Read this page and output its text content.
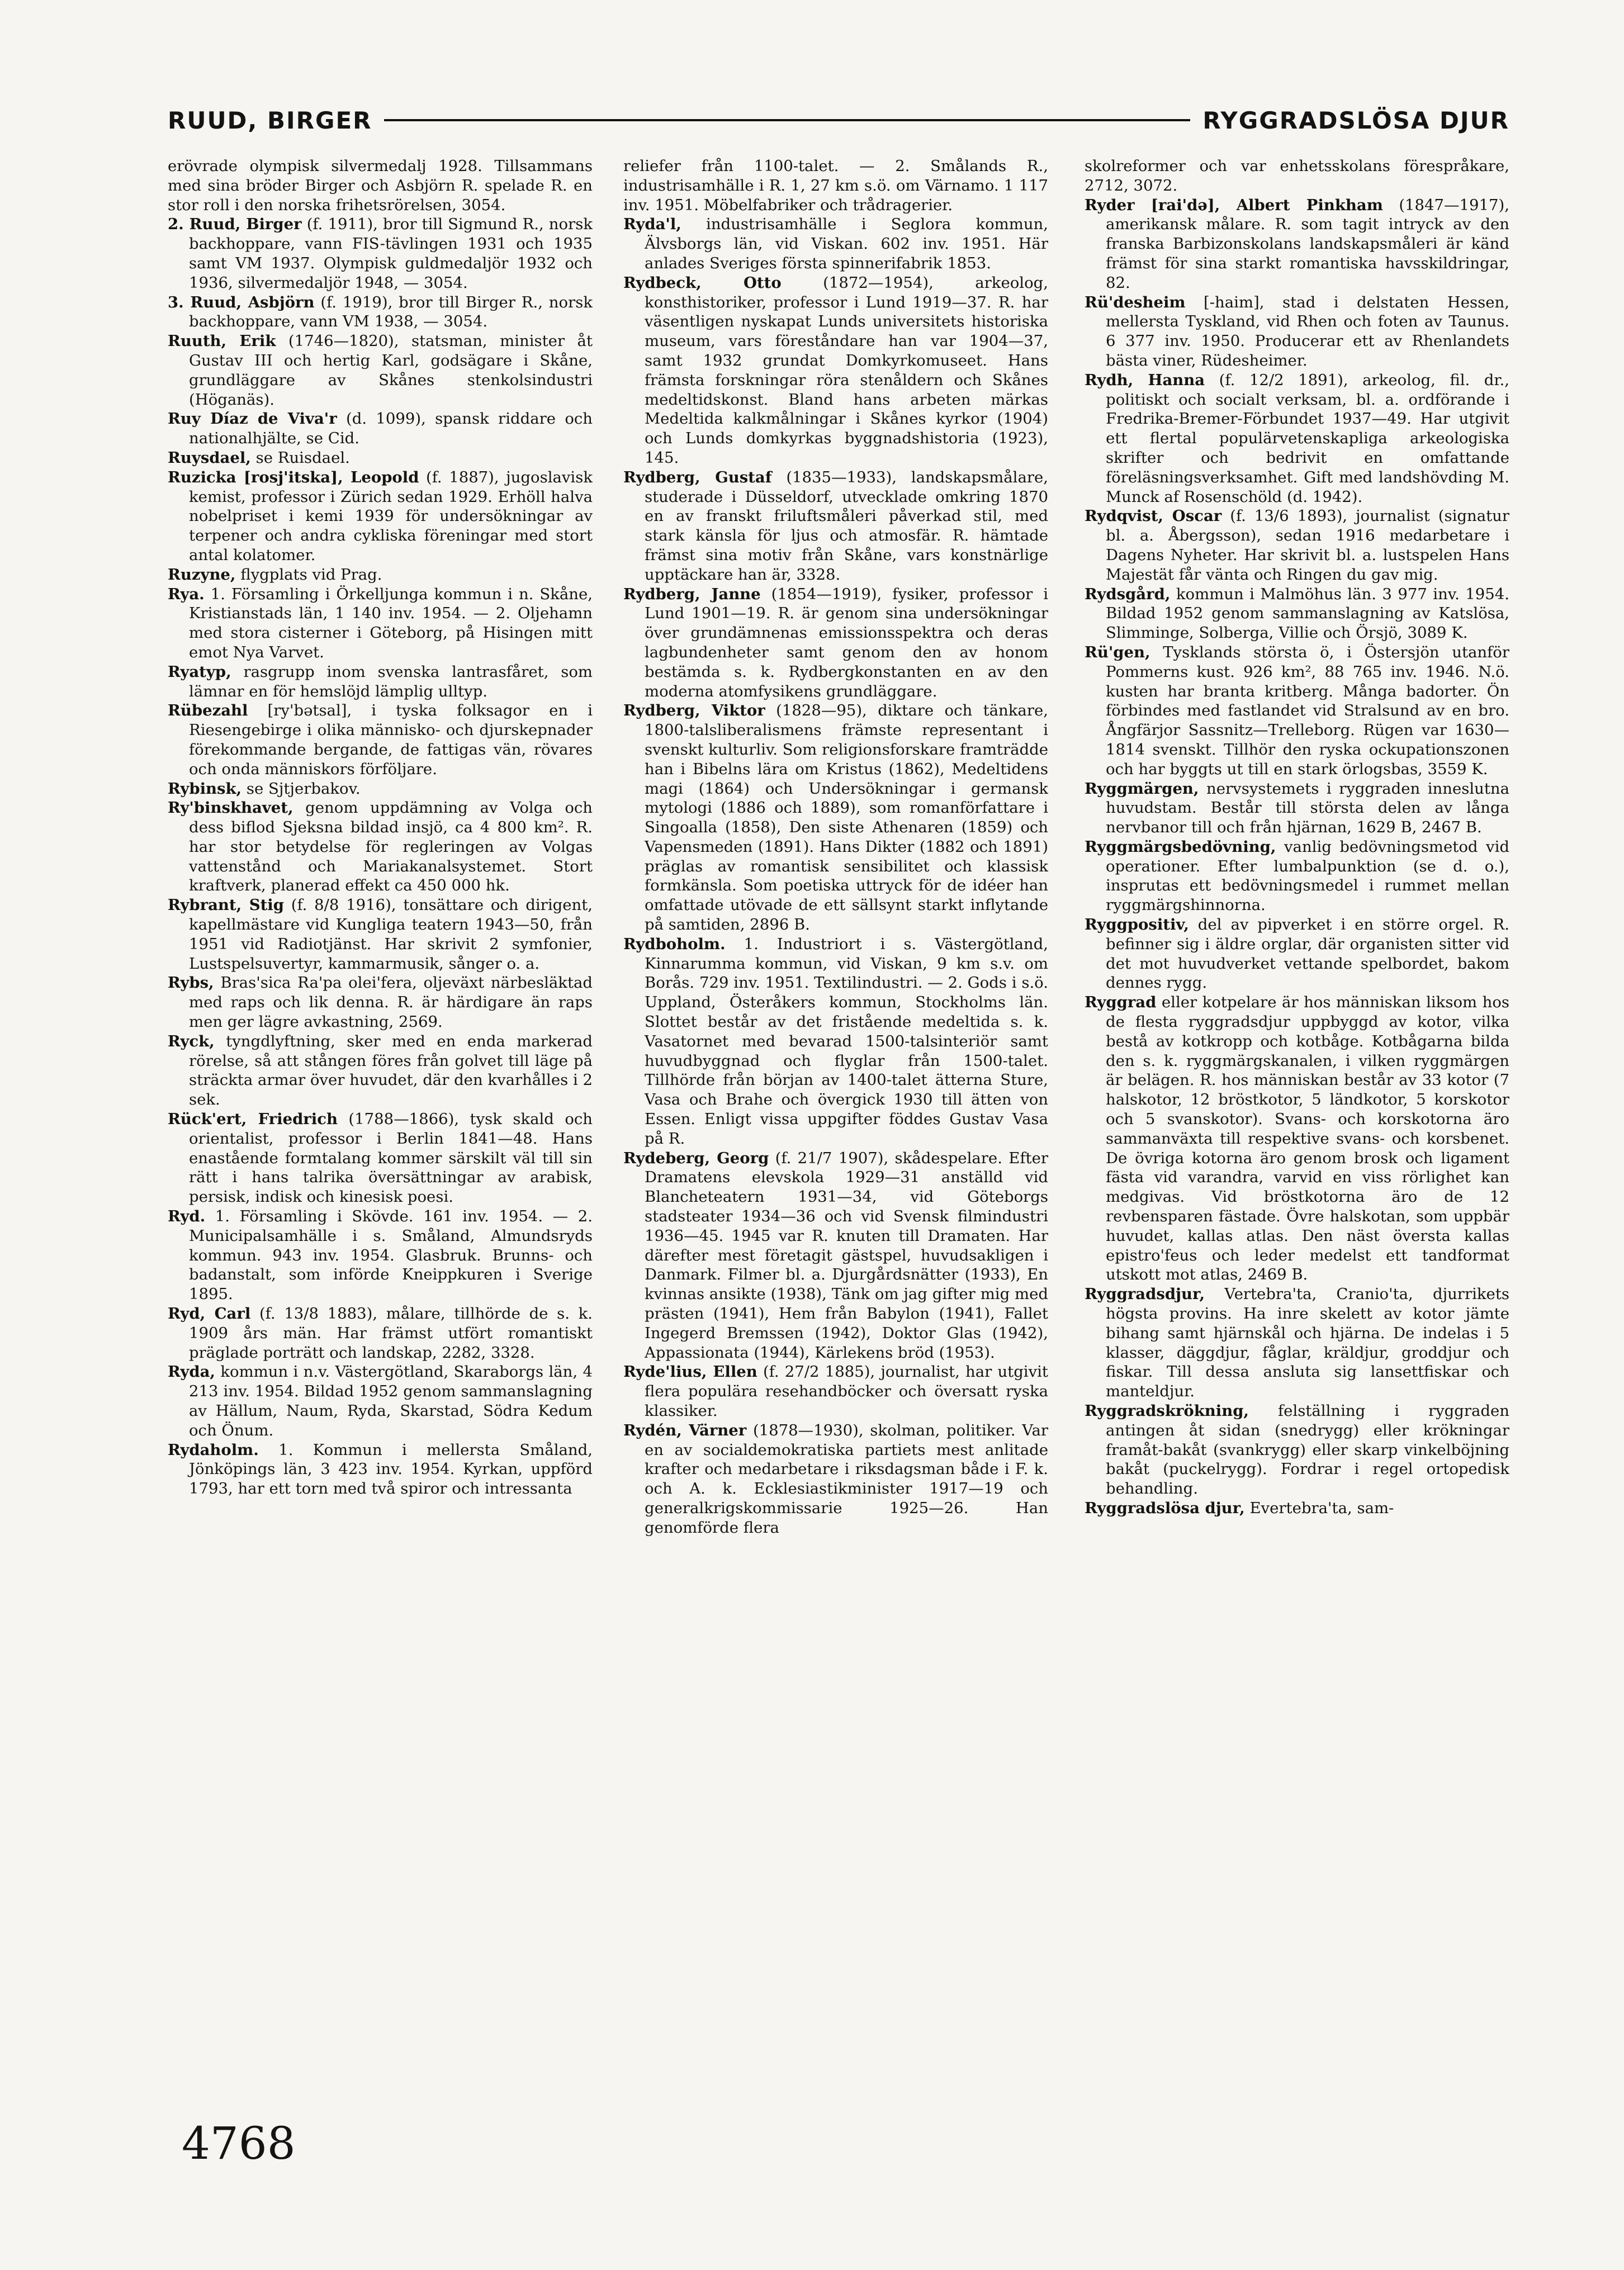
RUUD, BIRGER	RYGGRADSLÖSA DJUR

erövrade olympisk silvermedalj 1928. Tillsammans med sina bröder Birger och Asbjörn R. spelade R. en stor roll i den norska frihetsrörelsen, 3054.

2. Ruud, Birger (f. 1911), bror till Sigmund R., norsk backhoppare, vann FIS-tävlingen 1931 och 1935 samt VM 1937. Olympisk guldmedaljör 1932 och 1936, silvermedaljör 1948, — 3054.

3. Ruud, Asbjörn (f. 1919), bror till Birger R., norsk backhoppare, vann VM 1938, — 3054.

Ruuth, Erik (1746—1820), statsman, minister åt Gustav III och hertig Karl, godsägare i Skåne, grundläggare av Skånes stenkolsindustri (Höganäs).

Ruy Díaz de Viva'r (d. 1099), spansk riddare och nationalhjälte, se Cid.

Ruysdael, se Ruisdael.

Ruzicka [rosj'itska], Leopold (f. 1887), jugoslavisk kemist, professor i Zürich sedan 1929. Erhöll halva nobelpriset i kemi 1939 för undersökningar av terpener och andra cykliska föreningar med stort antal kolatomer.

Ruzyne, flygplats vid Prag.

Rya. 1. Församling i Örkelljunga kommun i n. Skåne, Kristianstads län, 1 140 inv. 1954. — 2. Oljehamn med stora cisterner i Göteborg, på Hisingen mitt emot Nya Varvet.

Ryatyp, rasgrupp inom svenska lantrasfåret, som lämnar en för hemslöjd lämplig ulltyp.

Rübezahl [ry'bətsal], i tyska folksagor en i Riesengebirge i olika människo- och djurskepnader förekommande bergande, de fattigas vän, rövares och onda människors förföljare.

Rybinsk, se Sjtjerbakov.

Ry'binskhavet, genom uppdämning av Volga och dess biflod Sjeksna bildad insjö, ca 4 800 km². R. har stor betydelse för regleringen av Volgas vattenstånd och Mariakanalsystemet. Stort kraftverk, planerad effekt ca 450 000 hk.

Rybrant, Stig (f. 8/8 1916), tonsättare och dirigent, kapellmästare vid Kungliga teatern 1943—50, från 1951 vid Radiotjänst. Har skrivit 2 symfonier, Lustspelsuvertyr, kammarmusik, sånger o. a.

Rybs, Bras'sica Ra'pa olei'fera, oljeväxt närbesläktad med raps och lik denna. R. är härdigare än raps men ger lägre avkastning, 2569.

Ryck, tyngdlyftning, sker med en enda markerad rörelse, så att stången föres från golvet till läge på sträckta armar över huvudet, där den kvarhålles i 2 sek.

Rück'ert, Friedrich (1788—1866), tysk skald och orientalist, professor i Berlin 1841—48. Hans enastående formtalang kommer särskilt väl till sin rätt i hans talrika översättningar av arabisk, persisk, indisk och kinesisk poesi.

Ryd. 1. Församling i Skövde. 161 inv. 1954. — 2. Municipalsamhälle i s. Småland, Almundsryds kommun. 943 inv. 1954. Glasbruk. Brunns- och badanstalt, som införde Kneippkuren i Sverige 1895.

Ryd, Carl (f. 13/8 1883), målare, tillhörde de s. k. 1909 års män. Har främst utfört romantiskt präglade porträtt och landskap, 2282, 3328.

Ryda, kommun i n.v. Västergötland, Skaraborgs län, 4 213 inv. 1954. Bildad 1952 genom sammanslagning av Hällum, Naum, Ryda, Skarstad, Södra Kedum och Önum.

Rydaholm. 1. Kommun i mellersta Småland, Jönköpings län, 3 423 inv. 1954. Kyrkan, uppförd 1793, har ett torn med två spiror och intressanta

reliefer från 1100-talet. — 2. Smålands R., industrisamhälle i R. 1, 27 km s.ö. om Värnamo. 1 117 inv. 1951. Möbelfabriker och trådragerier.

Ryda'l, industrisamhälle i Seglora kommun, Älvsborgs län, vid Viskan. 602 inv. 1951. Här anlades Sveriges första spinnerifabrik 1853.

Rydbeck, Otto	(1872—1954), arkeolog, konsthistoriker, professor i Lund 1919—37. R. har väsentligen nyskapat Lunds universitets historiska museum, vars föreståndare han var 1904—37, samt 1932 grundat Domkyrkomuseet. Hans främsta forskningar röra stenåldern och Skånes medeltidskonst. Bland hans arbeten märkas Medeltida kalkmålningar i Skånes kyrkor (1904) och Lunds domkyrkas byggnadshistoria (1923), 145.

Rydberg, Gustaf (1835—1933), landskapsmålare, studerade i Düsseldorf, utvecklade omkring 1870 en av franskt friluftsmåleri påverkad stil, med stark känsla för ljus och atmosfär. R. hämtade främst sina motiv från Skåne, vars konstnärlige upptäckare han är, 3328.

Rydberg, Janne (1854—1919), fysiker, professor i Lund 1901—19. R. är genom sina undersökningar över grundämnenas emissionsspektra och deras lagbundenheter samt genom den av honom bestämda s. k. Rydbergkonstanten en av den moderna atomfysikens grundläggare.

Rydberg, Viktor (1828—95), diktare och tänkare, 1800-talsliberalismens främste representant i svenskt kulturliv. Som religionsforskare framträdde han i Bibelns lära om Kristus (1862), Medeltidens magi (1864) och Undersökningar i germansk mytologi (1886 och 1889), som romanförfattare i Singoalla (1858), Den siste Athenaren (1859) och Vapensmeden (1891). Hans Dikter (1882 och 1891) präglas av romantisk sensibilitet och klassisk formkänsla. Som poetiska uttryck för de idéer han omfattade utövade de ett sällsynt starkt inflytande på samtiden, 2896 B.

Rydboholm. 1. Industriort i s. Västergötland, Kinnarumma kommun, vid Viskan, 9 km s.v. om Borås. 729 inv. 1951. Textilindustri. — 2. Gods i s.ö. Uppland, Österåkers kommun, Stockholms län. Slottet består av det fristående medeltida s. k. Vasatornet med bevarad 1500-talsinteriör samt huvudbyggnad och flyglar från 1500-talet. Tillhörde från början av 1400-talet ätterna Sture, Vasa och Brahe och övergick 1930 till ätten von Essen. Enligt vissa uppgifter föddes Gustav Vasa på R.

Rydeberg, Georg (f. 21/7 1907), skådespelare. Efter Dramatens elevskola 1929—31 anställd vid Blancheteatern 1931—34, vid Göteborgs stadsteater 1934—36 och vid Svensk filmindustri 1936—45. 1945 var R. knuten till Dramaten. Har därefter mest företagit gästspel, huvudsakligen i Danmark. Filmer bl. a. Djurgårdsnätter (1933), En kvinnas ansikte (1938), Tänk om jag gifter mig med prästen (1941), Hem från Babylon (1941), Fallet Ingegerd Bremssen (1942), Doktor Glas (1942), Appassionata (1944), Kärlekens bröd (1953).

Ryde'lius, Ellen (f. 27/2 1885), journalist, har utgivit flera populära resehandböcker och översatt ryska klassiker.

Rydén, Värner (1878—1930), skolman, politiker. Var en av socialdemokratiska partiets mest anlitade krafter och medarbetare i riksdagsman både i F. k. och A. k. Ecklesiastikminister 1917—19 och generalkrigskommissarie 1925—26. Han genomförde flera

skolreformer och var enhetsskolans förespråkare, 2712, 3072.

Ryder [rai'də], Albert Pinkham (1847—1917), amerikansk målare. R. som tagit intryck av den franska Barbizonskolans landskapsmåleri är känd främst för sina starkt romantiska havsskildringar, 82.

Rü'desheim [-haim], stad i delstaten Hessen, mellersta Tyskland, vid Rhen och foten av Taunus. 6 377 inv. 1950. Producerar ett av Rhenlandets bästa viner, Rüdesheimer.

Rydh, Hanna (f. 12/2 1891), arkeolog, fil. dr., politiskt och socialt verksam, bl. a. ordförande i Fredrika-Bremer-Förbundet 1937—49. Har utgivit ett flertal populärvetenskapliga arkeologiska skrifter och bedrivit en omfattande föreläsningsverksamhet. Gift med landshövding M. Munck af Rosenschöld (d. 1942).

Rydqvist, Oscar (f. 13/6 1893), journalist (signatur bl. a. Åbergsson), sedan 1916 medarbetare i Dagens Nyheter. Har skrivit bl. a. lustspelen Hans Majestät får vänta och Ringen du gav mig.

Rydsgård, kommun i Malmöhus län. 3 977 inv. 1954. Bildad 1952 genom sammanslagning av Katslösa, Slimminge, Solberga, Villie och Örsjö, 3089 K.

Rü'gen, Tysklands största ö, i Östersjön utanför Pommerns kust. 926 km², 88 765 inv. 1946. N.ö. kusten har branta kritberg. Många badorter. Ön förbindes med fastlandet vid Stralsund av en bro. Ångfärjor Sassnitz—Trelleborg. Rügen var 1630—1814 svenskt. Tillhör den ryska ockupationszonen och har byggts ut till en stark örlogsbas, 3559 K.

Ryggmärgen, nervsystemets i ryggraden inneslutna huvudstam. Består till största delen av långa nervbanor till och från hjärnan, 1629 B, 2467 B.

Ryggmärgsbedövning, vanlig bedövningsmetod vid operationer. Efter lumbalpunktion (se d. o.), insprutas ett bedövningsmedel i rummet mellan ryggmärgshinnorna.

Ryggpositiv, del av pipverket i en större orgel. R. befinner sig i äldre orglar, där organisten sitter vid det mot huvudverket vettande spelbordet, bakom dennes rygg.

Ryggrad eller kotpelare är hos människan liksom hos de flesta ryggradsdjur uppbyggd av kotor, vilka bestå av kotkropp och kotbåge. Kotbågarna bilda den s. k. ryggmärgskanalen, i vilken ryggmärgen är belägen. R. hos människan består av 33 kotor (7 halskotor, 12 bröstkotor, 5 ländkotor, 5 korskotor och 5 svanskotor). Svans- och korskotorna äro sammanväxta till respektive svans- och korsbenet. De övriga kotorna äro genom brosk och ligament fästa vid varandra, varvid en viss rörlighet kan medgivas. Vid bröstkotorna äro de 12 revbensparen fästade. Övre halskotan, som uppbär huvudet, kallas atlas. Den näst översta kallas epistro'feus och leder medelst ett tandformat utskott mot atlas, 2469 B.

Ryggradsdjur, Vertebra'ta, Cranio'ta, djurrikets högsta provins. Ha inre skelett av kotor jämte bihang samt hjärnskål och hjärna. De indelas i 5 klasser, däggdjur, fåglar, kräldjur, groddjur och fiskar. Till dessa ansluta sig lansettfiskar och manteldjur.

Ryggradskrökning, felställning i ryggraden antingen åt sidan (snedrygg) eller krökningar framåt-bakåt (svankrygg) eller skarp vinkelböjning bakåt (puckelrygg). Fordrar i regel ortopedisk behandling.

Ryggradslösa djur, Evertebra'ta, sam-

4768
